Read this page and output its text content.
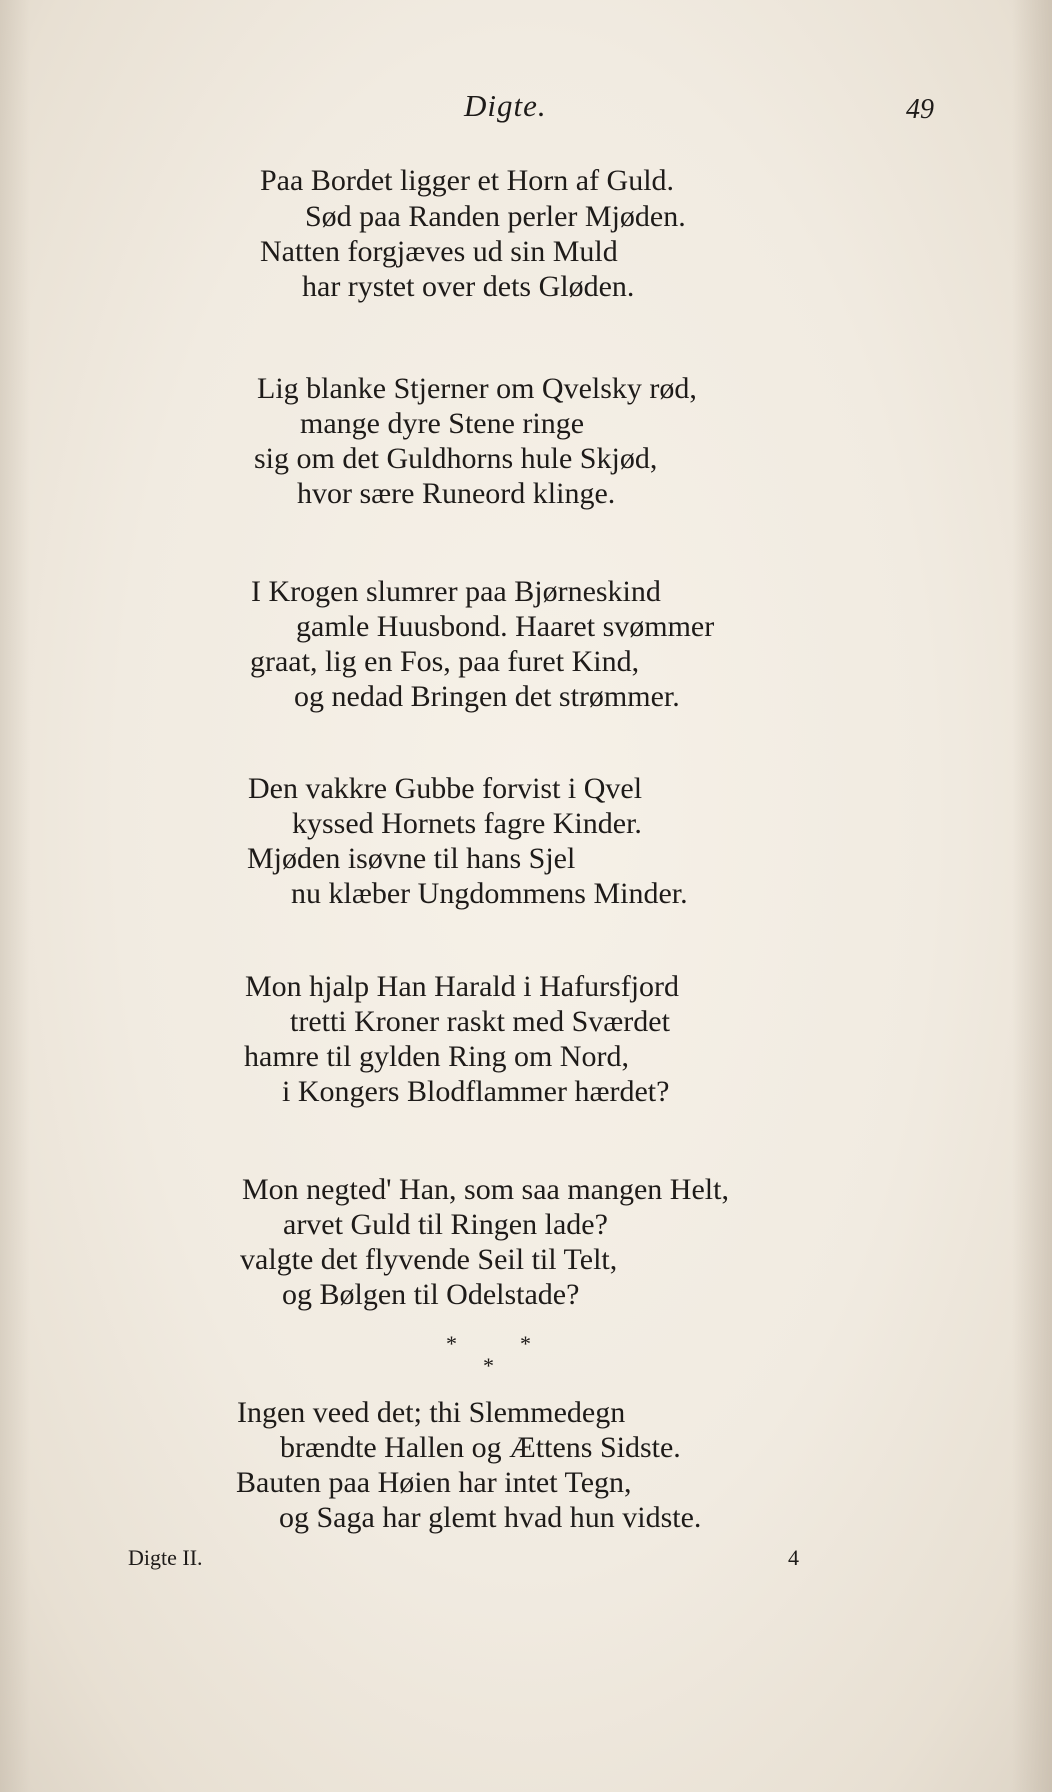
Digte.	49
Paa Bordet ligger et Horn af Guld.
Sød paa Randen perler Mjøden.
Natten forgjæves ud sin Muld
har rystet over dets Gløden.
Lig blanke Stjerner om Qvelsky rød,
mange dyre Stene ringe
sig om det Guldhorns hule Skjød,
hvor sære Runeord klinge.
I Krogen slumrer paa Bjørneskind
gamle Huusbond. Haaret svømmer
graat, lig en Fos, paa furet Kind,
og nedad Bringen det strømmer.
Den vakkre Gubbe forvist i Qvel
kyssed Hornets fagre Kinder.
Mjøden isøvne til hans Sjel
nu klæber Ungdommens Minder.
Mon hjalp Han Harald i Hafursfjord
tretti Kroner raskt med Sværdet
hamre til gylden Ring om Nord,
i Kongers Blodflammer hærdet?
Mon negted' Han, som saa mangen Helt,
arvet Guld til Ringen lade?
valgte det flyvende Seil til Telt,
og Bølgen til Odelstade?
*	*
*
Ingen veed det; thi Slemmedegn
brændte Hallen og Ættens Sidste.
Bauten paa Høien har intet Tegn,
og Saga har glemt hvad hun vidste.
Digte II.	4
